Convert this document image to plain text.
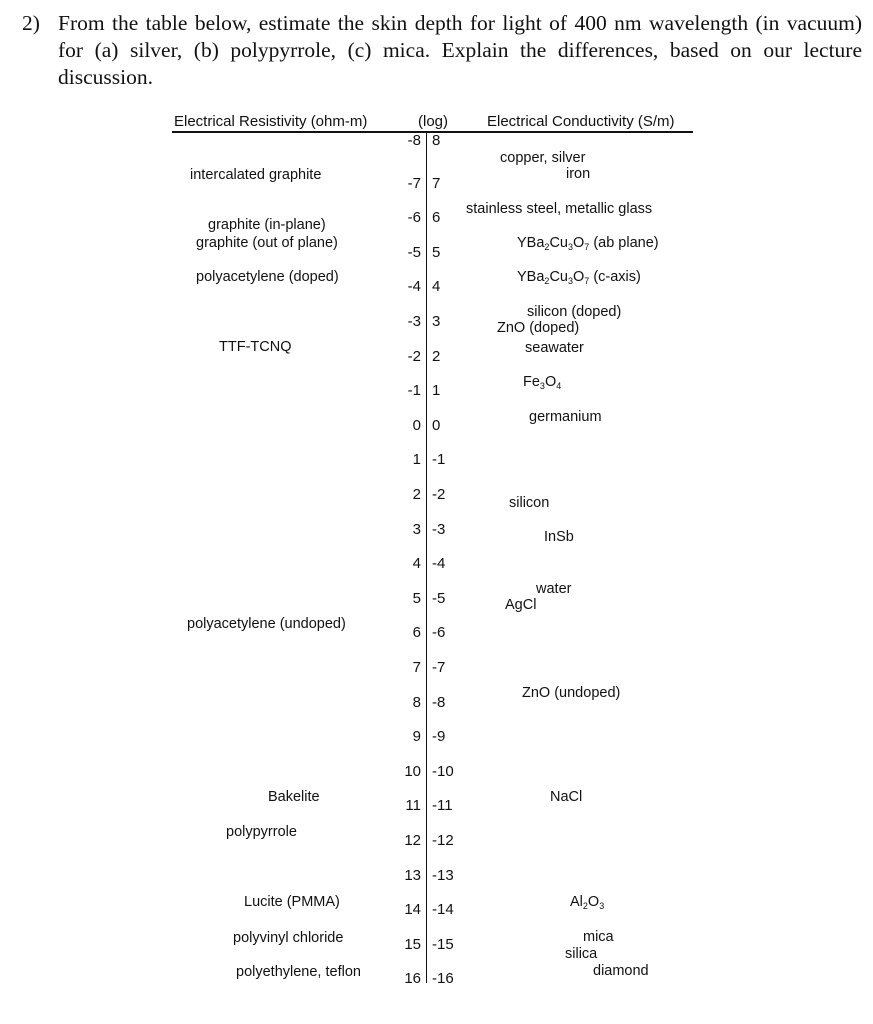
2) From the table below, estimate the skin depth for light of 400 nm wavelength (in vacuum) for (a) silver, (b) polypyrrole, (c) mica. Explain the differences, based on our lecture discussion.
Electrical Resistivity (ohm-m)	(log)	Electrical Conductivity (S/m)
-8 8
-7 7
-6 6
-5 5
-4 4
-3 3
-2 2
-1 1
0 0
1 -1
2 -2
3 -3
4 -4
5 -5
6 -6
7 -7
8 -8
9 -9
10 -10
11 -11
12 -12
13 -13
14 -14
15 -15
16 -16
intercalated graphite
graphite (in-plane)
graphite (out of plane)
polyacetylene (doped)
TTF-TCNQ
polyacetylene (undoped)
Bakelite
polypyrrole
Lucite (PMMA)
polyvinyl chloride
polyethylene, teflon
copper, silver
iron
stainless steel, metallic glass
$YBa_2Cu_3O_7$ (ab plane)
$YBa_2Cu_3O_7$ (c-axis)
silicon (doped)
ZnO (doped)
seawater
$Fe_3O_4$
germanium
silicon
InSb
water
AgCl
ZnO (undoped)
NaCl
$Al_2O_3$
mica
silica
diamond
